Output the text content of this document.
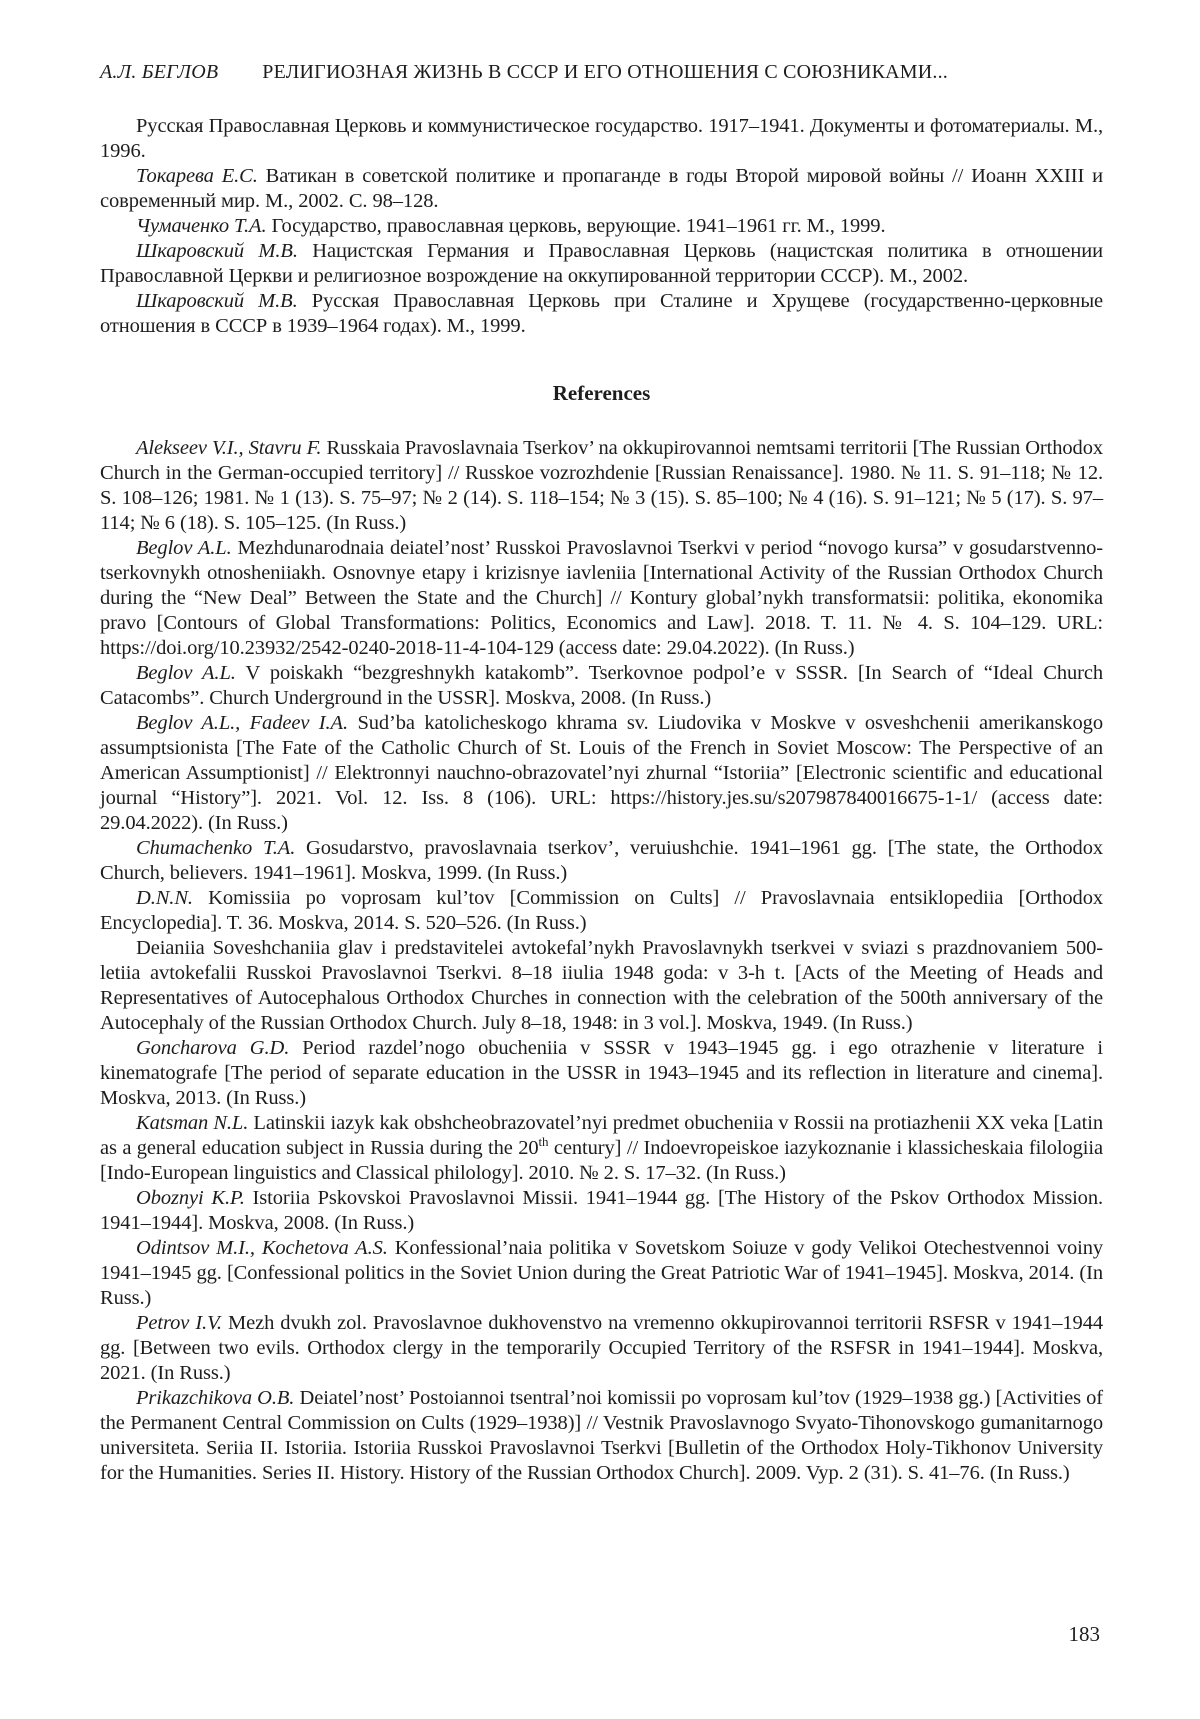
А.Л. БЕГЛОВ РЕЛИГИОЗНАЯ ЖИЗНЬ В СССР И ЕГО ОТНОШЕНИЯ С СОЮЗНИКАМИ...

Русская Православная Церковь и коммунистическое государство. 1917–1941. Документы и фотоматериалы. М., 1996.

Токарева Е.С. Ватикан в советской политике и пропаганде в годы Второй мировой войны // Иоанн XXIII и современный мир. М., 2002. С. 98–128.

Чумаченко Т.А. Государство, православная церковь, верующие. 1941–1961 гг. М., 1999.

Шкаровский М.В. Нацистская Германия и Православная Церковь (нацистская политика в отношении Православной Церкви и религиозное возрождение на оккупированной территории СССР). М., 2002.

Шкаровский М.В. Русская Православная Церковь при Сталине и Хрущеве (государственно-церковные отношения в СССР в 1939–1964 годах). М., 1999.

References

Alekseev V.I., Stavru F. Russkaia Pravoslavnaia Tserkov’ na okkupirovannoi nemtsami territorii [The Russian Orthodox Church in the German-occupied territory] // Russkoe vozrozhdenie [Russian Renaissance]. 1980. № 11. S. 91–118; № 12. S. 108–126; 1981. № 1 (13). S. 75–97; № 2 (14). S. 118–154; № 3 (15). S. 85–100; № 4 (16). S. 91–121; № 5 (17). S. 97–114; № 6 (18). S. 105–125. (In Russ.)

Beglov A.L. Mezhdunarodnaia deiatel’nost’ Russkoi Pravoslavnoi Tserkvi v period “novogo kursa” v gosudarstvenno-tserkovnykh otnosheniiakh. Osnovnye etapy i krizisnye iavleniia [International Activity of the Russian Orthodox Church during the “New Deal” Between the State and the Church] // Kontury global’nykh transformatsii: politika, ekonomika pravo [Contours of Global Transformations: Politics, Economics and Law]. 2018. T. 11. № 4. S. 104–129. URL: https://doi.org/10.23932/2542-0240-2018-11-4-104-129 (access date: 29.04.2022). (In Russ.)

Beglov A.L. V poiskakh “bezgreshnykh katakomb”. Tserkovnoe podpol’e v SSSR. [In Search of “Ideal Church Catacombs”. Church Underground in the USSR]. Moskva, 2008. (In Russ.)

Beglov A.L., Fadeev I.A. Sud’ba katolicheskogo khrama sv. Liudovika v Moskve v osveshchenii amerikanskogo assumptsionista [The Fate of the Catholic Church of St. Louis of the French in Soviet Moscow: The Perspective of an American Assumptionist] // Elektronnyi nauchno-obrazovatel’nyi zhurnal “Istoriia” [Electronic scientific and educational journal “History”]. 2021. Vol. 12. Iss. 8 (106). URL: https://history.jes.su/s207987840016675-1-1/ (access date: 29.04.2022). (In Russ.)

Chumachenko T.A. Gosudarstvo, pravoslavnaia tserkov’, veruiushchie. 1941–1961 gg. [The state, the Orthodox Church, believers. 1941–1961]. Moskva, 1999. (In Russ.)

D.N.N. Komissiia po voprosam kul’tov [Commission on Cults] // Pravoslavnaia entsiklopediia [Orthodox Encyclopedia]. T. 36. Moskva, 2014. S. 520–526. (In Russ.)

Deianiia Soveshchaniia glav i predstavitelei avtokefal’nykh Pravoslavnykh tserkvei v sviazi s prazdnovaniem 500-letiia avtokefalii Russkoi Pravoslavnoi Tserkvi. 8–18 iiulia 1948 goda: v 3-h t. [Acts of the Meeting of Heads and Representatives of Autocephalous Orthodox Churches in connection with the celebration of the 500th anniversary of the Autocephaly of the Russian Orthodox Church. July 8–18, 1948: in 3 vol.]. Moskva, 1949. (In Russ.)

Goncharova G.D. Period razdel’nogo obucheniia v SSSR v 1943–1945 gg. i ego otrazhenie v literature i kinematografe [The period of separate education in the USSR in 1943–1945 and its reflection in literature and cinema]. Moskva, 2013. (In Russ.)

Katsman N.L. Latinskii iazyk kak obshcheobrazovatel’nyi predmet obucheniia v Rossii na protiazhenii XX veka [Latin as a general education subject in Russia during the 20th century] // Indoevropeiskoe iazykoznanie i klassicheskaia filologiia [Indo-European linguistics and Classical philology]. 2010. № 2. S. 17–32. (In Russ.)

Oboznyi K.P. Istoriia Pskovskoi Pravoslavnoi Missii. 1941–1944 gg. [The History of the Pskov Orthodox Mission. 1941–1944]. Moskva, 2008. (In Russ.)

Odintsov M.I., Kochetova A.S. Konfessional’naia politika v Sovetskom Soiuze v gody Velikoi Otechestvennoi voiny 1941–1945 gg. [Confessional politics in the Soviet Union during the Great Patriotic War of 1941–1945]. Moskva, 2014. (In Russ.)

Petrov I.V. Mezh dvukh zol. Pravoslavnoe dukhovenstvo na vremenno okkupirovannoi territorii RSFSR v 1941–1944 gg. [Between two evils. Orthodox clergy in the temporarily Occupied Territory of the RSFSR in 1941–1944]. Moskva, 2021. (In Russ.)

Prikazchikova O.B. Deiatel’nost’ Postoiannoi tsentral’noi komissii po voprosam kul’tov (1929–1938 gg.) [Activities of the Permanent Central Commission on Cults (1929–1938)] // Vestnik Pravoslavnogo Svyato-Tihonovskogo gumanitarnogo universiteta. Seriia II. Istoriia. Istoriia Russkoi Pravoslavnoi Tserkvi [Bulletin of the Orthodox Holy-Tikhonov University for the Humanities. Series II. History. History of the Russian Orthodox Church]. 2009. Vyp. 2 (31). S. 41–76. (In Russ.)

183
